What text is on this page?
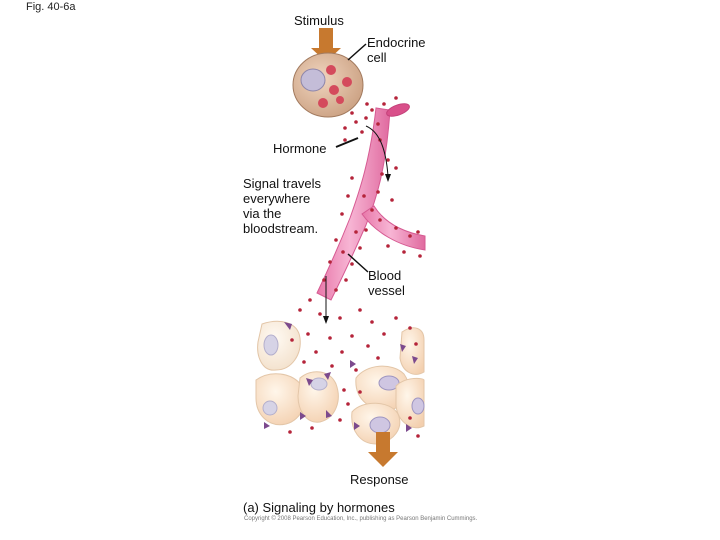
Fig. 40-6a
Stimulus
Endocrine
cell
Hormone
Signal travels
everywhere
via the
bloodstream.
Blood
vessel
Response
(a) Signaling by hormones
Copyright © 2008 Pearson Education, Inc., publishing as Pearson Benjamin Cummings.
